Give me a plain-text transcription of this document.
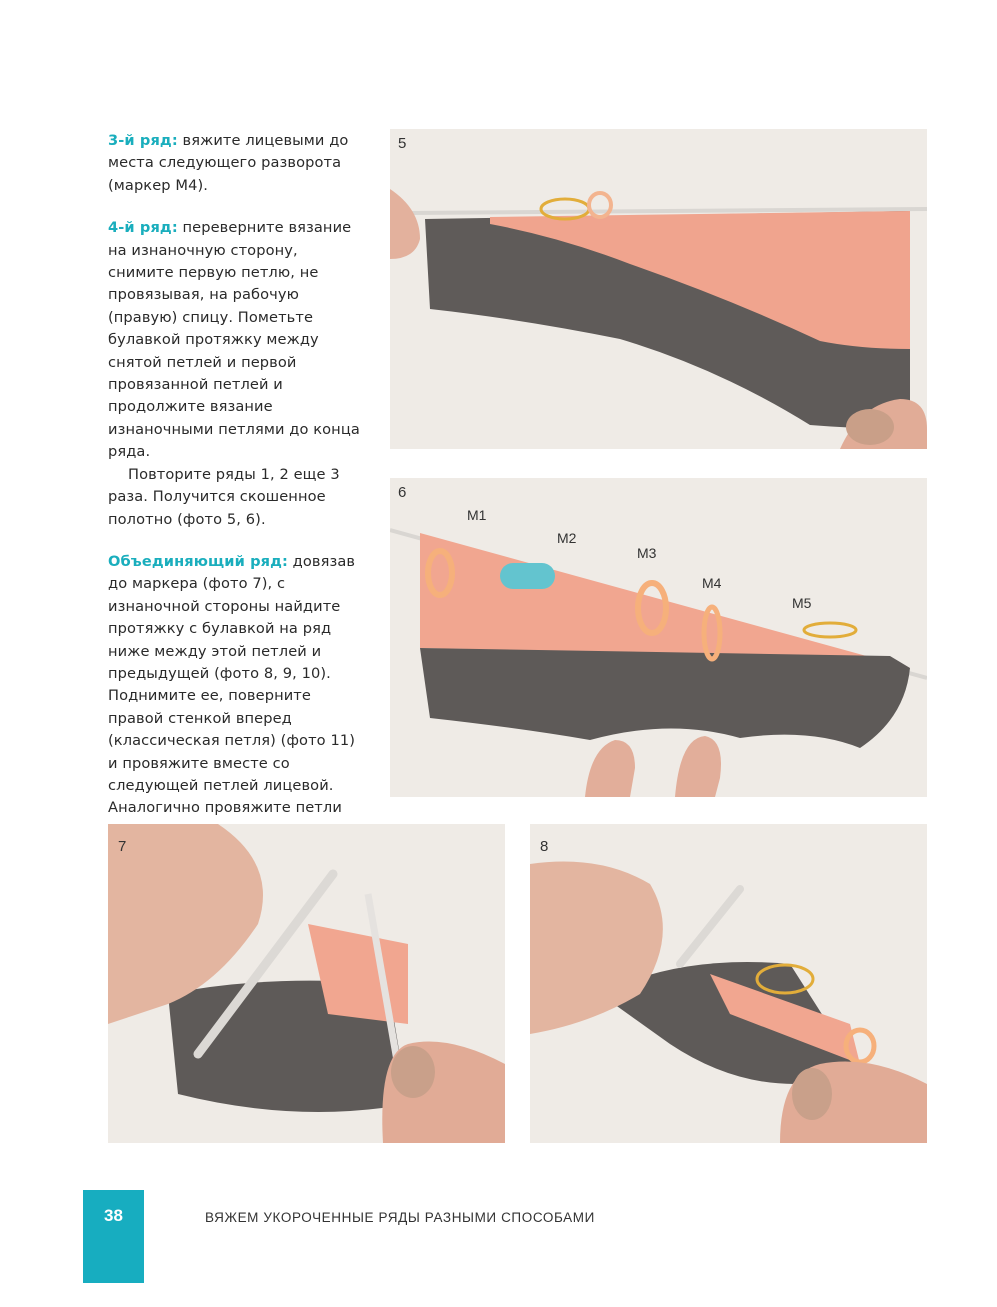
3-й ряд: вяжите лицевыми до места следующего разворота (маркер М4).

4-й ряд: переверните вязание на изнаночную сторону, снимите первую петлю, не провязывая, на рабочую (правую) спицу. Пометьте булавкой протяжку между снятой петлей и первой провязанной петлей и продолжите вязание изнаночными петлями до конца ряда.

Повторите ряды 1, 2 еще 3 раза. Получится скошенное полотно (фото 5, 6).

Объединяющий ряд: довязав до маркера (фото 7), с изнаночной стороны найдите протяжку с булавкой на ряд ниже между этой петлей и предыдущей (фото 8, 9, 10). Поднимите ее, поверните правой стенкой вперед (классическая петля) (фото 11) и провяжите вместе со следующей петлей лицевой. Аналогично провяжите петли

5
6
M1
M2
M3
M4
M5
7	8
38	ВЯЖЕМ УКОРОЧЕННЫЕ РЯДЫ РАЗНЫМИ СПОСОБАМИ
